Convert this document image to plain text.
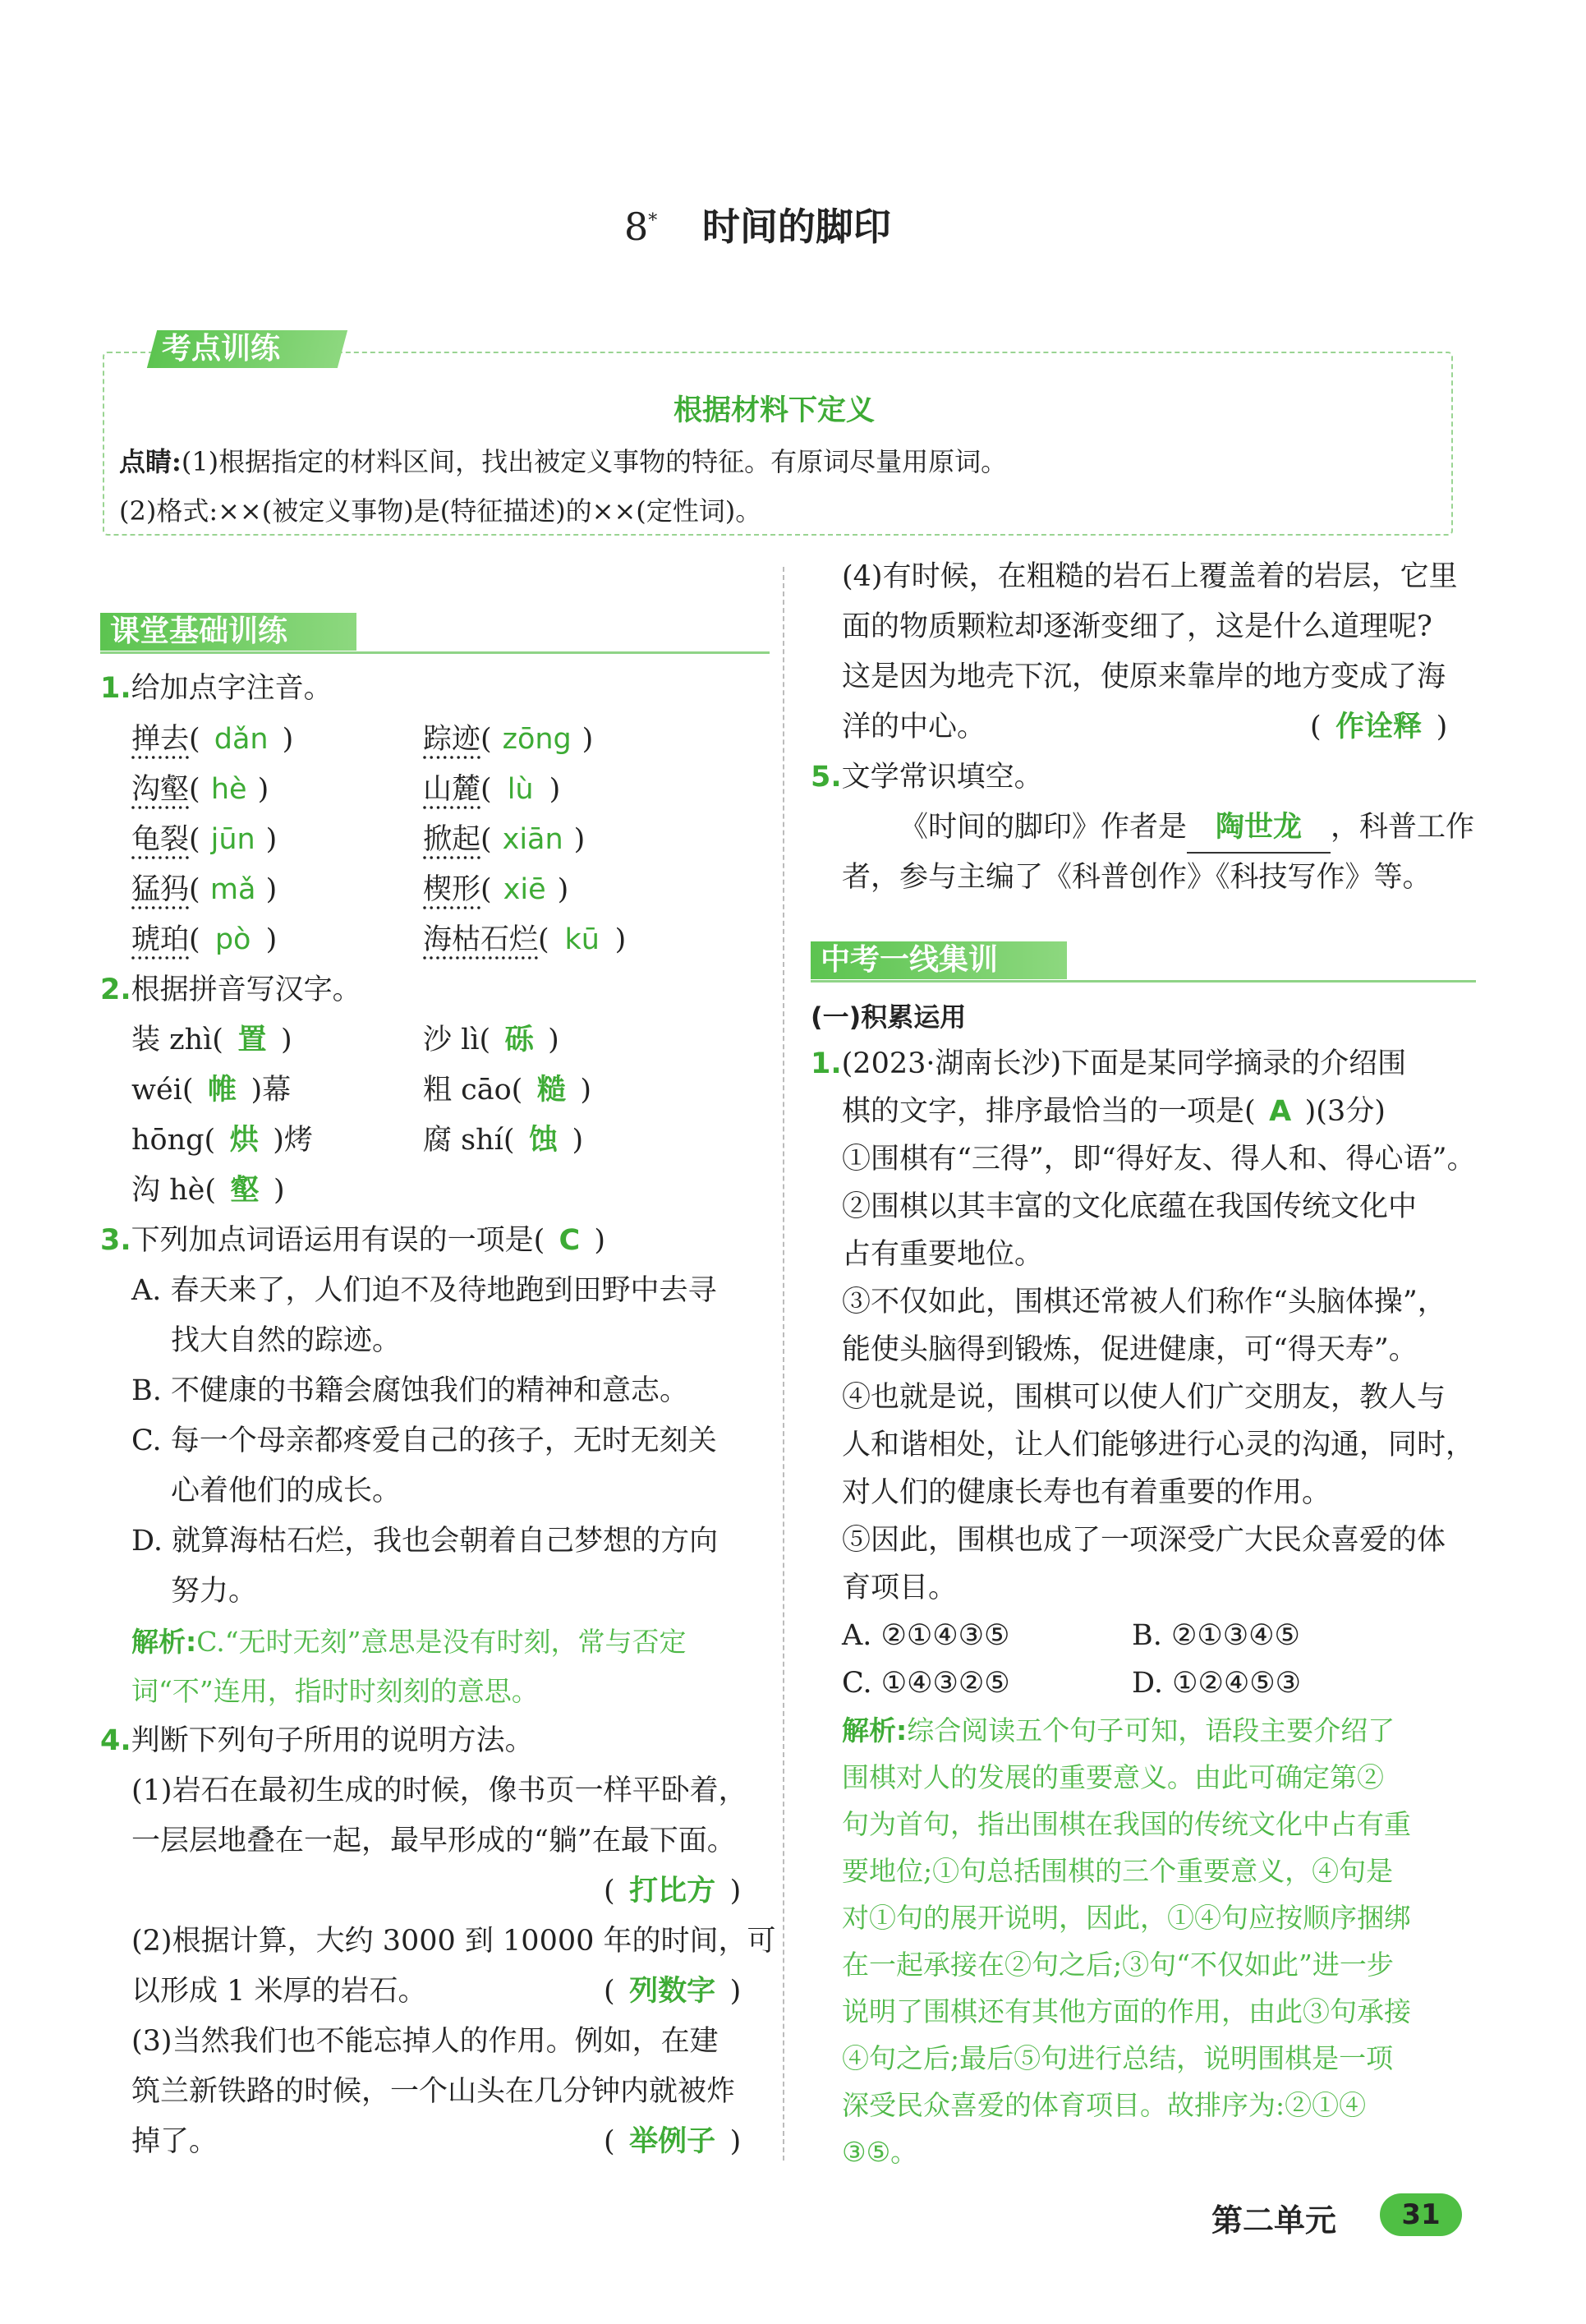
8* 时间的脚印
考点训练
根据材料下定义
点睛:(1)根据指定的材料区间，找出被定义事物的特征。有原词尽量用原词。
(2)格式:××(被定义事物)是(特征描述)的××(定性词)。
课堂基础训练
1.给加点字注音。
掸去( dǎn )	踪迹( zōng )
沟壑( hè )	山麓( lù )
龟裂( jūn )	掀起( xiān )
猛犸( mǎ )	楔形( xiē )
琥珀( pò )	海枯石烂( kū )
2.根据拼音写汉字。
装 zhì( 置 )	沙 lì( 砾 )
wéi( 帷 )幕	粗 cāo( 糙 )
hōng( 烘 )烤	腐 shí( 蚀 )
沟 hè( 壑 )
3.下列加点词语运用有误的一项是( C )
A. 春天来了，人们迫不及待地跑到田野中去寻
找大自然的踪迹。
B. 不健康的书籍会腐蚀我们的精神和意志。
C. 每一个母亲都疼爱自己的孩子，无时无刻关
心着他们的成长。
D. 就算海枯石烂，我也会朝着自己梦想的方向
努力。
解析:C.“无时无刻”意思是没有时刻，常与否定
词“不”连用，指时时刻刻的意思。
4.判断下列句子所用的说明方法。
(1)岩石在最初生成的时候，像书页一样平卧着，
一层层地叠在一起，最早形成的“躺”在最下面。
( 打比方 )
(2)根据计算，大约 3000 到 10000 年的时间，可
以形成 1 米厚的岩石。	( 列数字 )
(3)当然我们也不能忘掉人的作用。例如，在建
筑兰新铁路的时候，一个山头在几分钟内就被炸
掉了。	( 举例子 )
(4)有时候，在粗糙的岩石上覆盖着的岩层，它里
面的物质颗粒却逐渐变细了，这是什么道理呢?
这是因为地壳下沉，使原来靠岸的地方变成了海
洋的中心。	( 作诠释 )
5.文学常识填空。
《时间的脚印》作者是 陶世龙 ，科普工作
者，参与主编了《科普创作》《科技写作》等。
中考一线集训
(一)积累运用
1.(2023·湖南长沙)下面是某同学摘录的介绍围
棋的文字，排序最恰当的一项是( A )(3分)
①围棋有“三得”，即“得好友、得人和、得心语”。
②围棋以其丰富的文化底蕴在我国传统文化中
占有重要地位。
③不仅如此，围棋还常被人们称作“头脑体操”，
能使头脑得到锻炼，促进健康，可“得天寿”。
④也就是说，围棋可以使人们广交朋友，教人与
人和谐相处，让人们能够进行心灵的沟通，同时，
对人们的健康长寿也有着重要的作用。
⑤因此，围棋也成了一项深受广大民众喜爱的体
育项目。
A. ②①④③⑤	B. ②①③④⑤
C. ①④③②⑤	D. ①②④⑤③
解析:综合阅读五个句子可知，语段主要介绍了
围棋对人的发展的重要意义。由此可确定第②
句为首句，指出围棋在我国的传统文化中占有重
要地位;①句总括围棋的三个重要意义，④句是
对①句的展开说明，因此，①④句应按顺序捆绑
在一起承接在②句之后;③句“不仅如此”进一步
说明了围棋还有其他方面的作用，由此③句承接
④句之后;最后⑤句进行总结，说明围棋是一项
深受民众喜爱的体育项目。故排序为:②①④
③⑤。
第二单元	31
